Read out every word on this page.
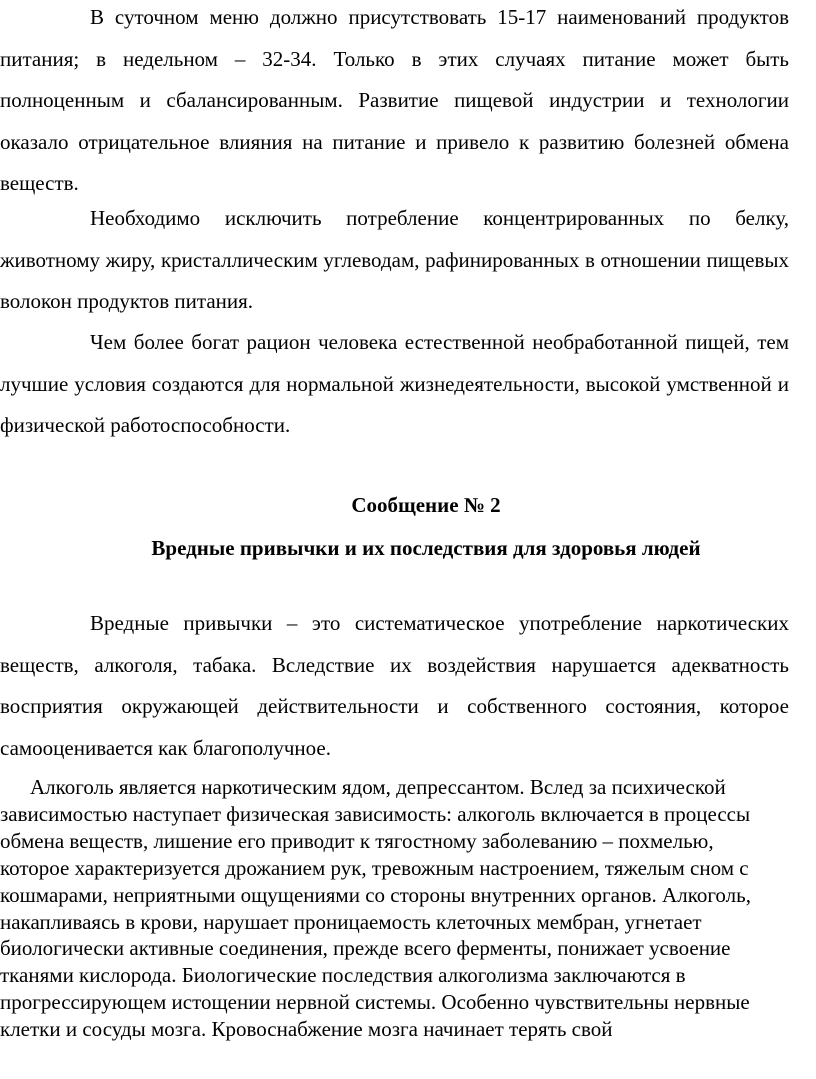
В суточном меню должно присутствовать 15-17 наименований продуктов питания; в недельном – 32-34. Только в этих случаях питание может быть полноценным и сбалансированным. Развитие пищевой индустрии и технологии оказало отрицательное влияния на питание и привело к развитию болезней обмена веществ.

Необходимо исключить потребление концентрированных по белку, животному жиру, кристаллическим углеводам, рафинированных в отношении пищевых волокон продуктов питания.

Чем более богат рацион человека естественной необработанной пищей, тем лучшие условия создаются для нормальной жизнедеятельности, высокой умственной и физической работоспособности.

Сообщение № 2
Вредные привычки и их последствия для здоровья людей

Вредные привычки – это систематическое употребление наркотических веществ, алкоголя, табака. Вследствие их воздействия нарушается адекватность восприятия окружающей действительности и собственного состояния, которое самооценивается как благополучное.

Алкоголь является наркотическим ядом, депрессантом. Вслед за психической зависимостью наступает физическая зависимость: алкоголь включается в процессы обмена веществ, лишение его приводит к тягостному заболеванию – похмелью, которое характеризуется дрожанием рук, тревожным настроением, тяжелым сном с кошмарами, неприятными ощущениями со стороны внутренних органов. Алкоголь, накапливаясь в крови, нарушает проницаемость клеточных мембран, угнетает биологически активные соединения, прежде всего ферменты, понижает усвоение тканями кислорода. Биологические последствия алкоголизма заключаются в прогрессирующем истощении нервной системы. Особенно чувствительны нервные клетки и сосуды мозга. Кровоснабжение мозга начинает терять свой
